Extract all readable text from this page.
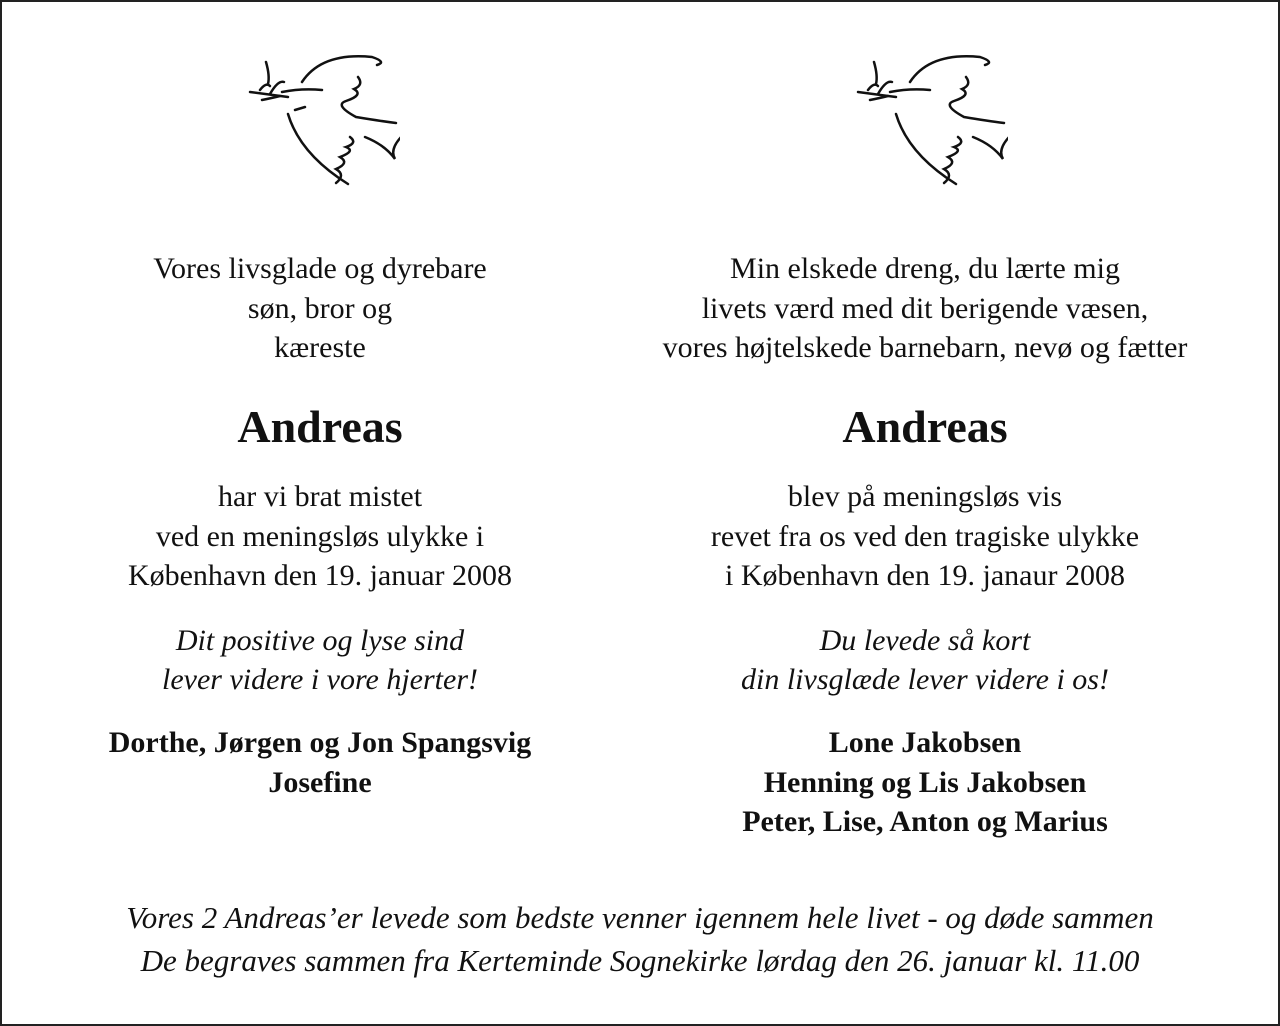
Vores livsglade og dyrebare
søn, bror og
kæreste
Andreas
har vi brat mistet
ved en meningsløs ulykke i
København den 19. januar 2008
Dit positive og lyse sind
lever videre i vore hjerter!
Dorthe, Jørgen og Jon Spangsvig
Josefine
Min elskede dreng, du lærte mig
livets værd med dit berigende væsen,
vores højtelskede barnebarn, nevø og fætter
Andreas
blev på meningsløs vis
revet fra os ved den tragiske ulykke
i København den 19. janaur 2008
Du levede så kort
din livsglæde lever videre i os!
Lone Jakobsen
Henning og Lis Jakobsen
Peter, Lise, Anton og Marius
Vores 2 Andreas’er levede som bedste venner igennem hele livet - og døde sammen
De begraves sammen fra Kerteminde Sognekirke lørdag den 26. januar kl. 11.00
